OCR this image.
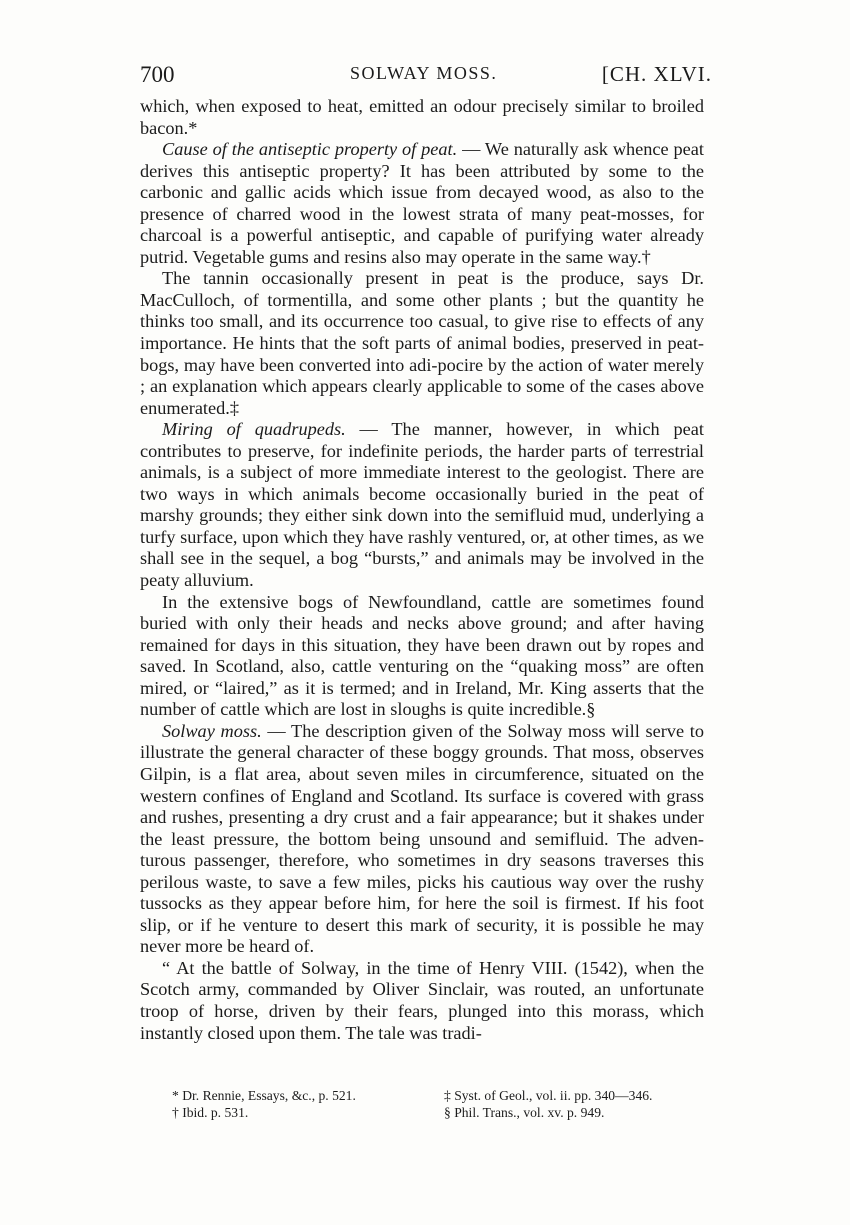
700	SOLWAY MOSS.	[CH. XLVI.

which, when exposed to heat, emitted an odour precisely similar to broiled bacon.*

Cause of the antiseptic property of peat. — We naturally ask whence peat derives this antiseptic property? It has been attributed by some to the carbonic and gallic acids which issue from decayed wood, as also to the presence of charred wood in the lowest strata of many peat-mosses, for charcoal is a powerful antiseptic, and capable of purifying water already putrid. Vegetable gums and resins also may operate in the same way.†

The tannin occasionally present in peat is the produce, says Dr. MacCulloch, of tormentilla, and some other plants ; but the quantity he thinks too small, and its occurrence too casual, to give rise to effects of any importance. He hints that the soft parts of animal bodies, preserved in peat-bogs, may have been converted into adi-pocire by the action of water merely ; an explanation which appears clearly applicable to some of the cases above enumerated.‡

Miring of quadrupeds. — The manner, however, in which peat contributes to preserve, for indefinite periods, the harder parts of terrestrial animals, is a subject of more immediate interest to the geologist. There are two ways in which animals become occasionally buried in the peat of marshy grounds; they either sink down into the semifluid mud, underlying a turfy surface, upon which they have rashly ventured, or, at other times, as we shall see in the sequel, a bog “bursts,” and animals may be involved in the peaty alluvium.

In the extensive bogs of Newfoundland, cattle are sometimes found buried with only their heads and necks above ground; and after having remained for days in this situation, they have been drawn out by ropes and saved. In Scotland, also, cattle venturing on the “quaking moss” are often mired, or “laired,” as it is termed; and in Ireland, Mr. King asserts that the number of cattle which are lost in sloughs is quite incredible.§

Solway moss. — The description given of the Solway moss will serve to illustrate the general character of these boggy grounds. That moss, observes Gilpin, is a flat area, about seven miles in circumference, situated on the western confines of England and Scotland. Its surface is covered with grass and rushes, presenting a dry crust and a fair appearance; but it shakes under the least pressure, the bottom being unsound and semifluid. The adven-turous passenger, therefore, who sometimes in dry seasons traverses this perilous waste, to save a few miles, picks his cautious way over the rushy tussocks as they appear before him, for here the soil is firmest. If his foot slip, or if he venture to desert this mark of security, it is possible he may never more be heard of.

“ At the battle of Solway, in the time of Henry VIII. (1542), when the Scotch army, commanded by Oliver Sinclair, was routed, an unfortunate troop of horse, driven by their fears, plunged into this morass, which instantly closed upon them. The tale was tradi-

* Dr. Rennie, Essays, &c., p. 521.
† Ibid. p. 531.
‡ Syst. of Geol., vol. ii. pp. 340—346.
§ Phil. Trans., vol. xv. p. 949.
